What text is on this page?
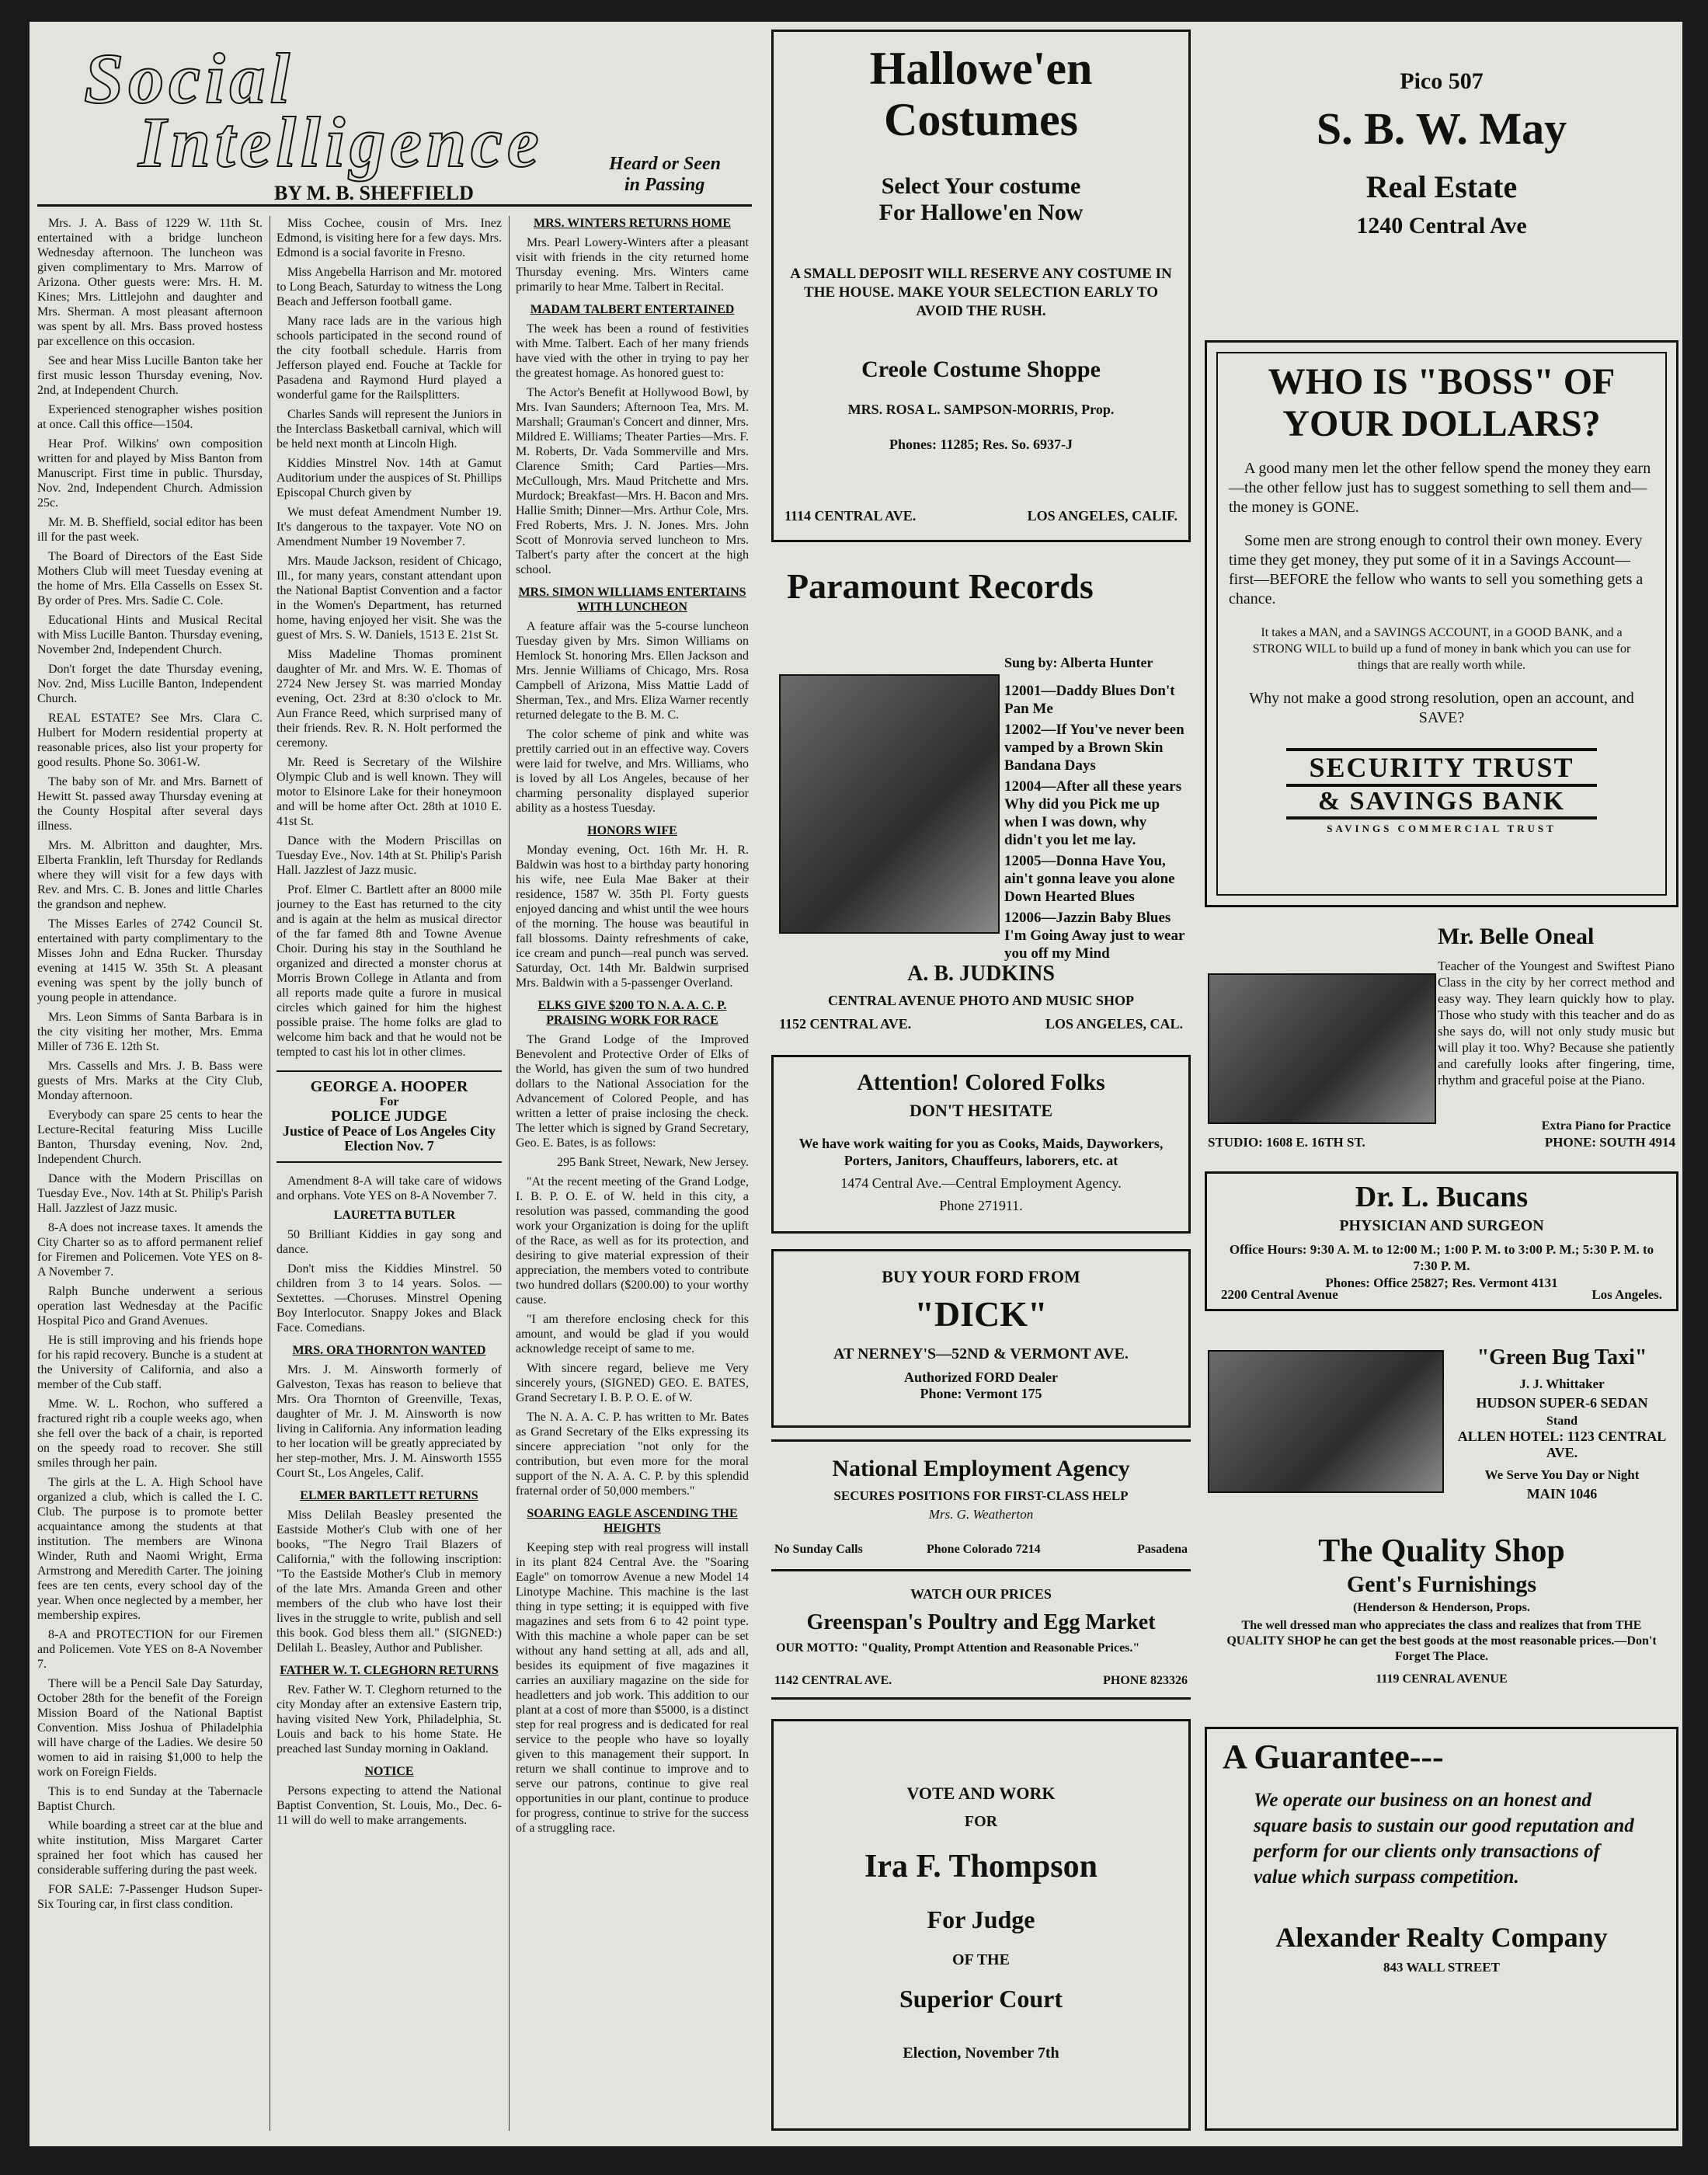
Social
Intelligence	Heard or Seen
in Passing
BY M. B. SHEFFIELD

Mrs. J. A. Bass of 1229 W. 11th St. entertained with a bridge luncheon Wednesday afternoon. The luncheon was given complimentary to Mrs. Marrow of Arizona. Other guests were: Mrs. H. M. Kines; Mrs. Littlejohn and daughter and Mrs. Sherman. A most pleasant afternoon was spent by all. Mrs. Bass proved hostess par excellence on this occasion.

See and hear Miss Lucille Banton take her first music lesson Thursday evening, Nov. 2nd, at Independent Church.

Experienced stenographer wishes position at once. Call this office—1504.

Hear Prof. Wilkins' own composition written for and played by Miss Banton from Manuscript. First time in public. Thursday, Nov. 2nd, Independent Church. Admission 25c.

Mr. M. B. Sheffield, social editor has been ill for the past week.

The Board of Directors of the East Side Mothers Club will meet Tuesday evening at the home of Mrs. Ella Cassells on Essex St. By order of Pres. Mrs. Sadie C. Cole.

Educational Hints and Musical Recital with Miss Lucille Banton. Thursday evening, November 2nd, Independent Church.

Don't forget the date Thursday evening, Nov. 2nd, Miss Lucille Banton, Independent Church.

REAL ESTATE? See Mrs. Clara C. Hulbert for Modern residential property at reasonable prices, also list your property for good results. Phone So. 3061-W.

The baby son of Mr. and Mrs. Barnett of Hewitt St. passed away Thursday evening at the County Hospital after several days illness.

Mrs. M. Albritton and daughter, Mrs. Elberta Franklin, left Thursday for Redlands where they will visit for a few days with Rev. and Mrs. C. B. Jones and little Charles the grandson and nephew.

The Misses Earles of 2742 Council St. entertained with party complimentary to the Misses John and Edna Rucker. Thursday evening at 1415 W. 35th St. A pleasant evening was spent by the jolly bunch of young people in attendance.

Mrs. Leon Simms of Santa Barbara is in the city visiting her mother, Mrs. Emma Miller of 736 E. 12th St.

Mrs. Cassells and Mrs. J. B. Bass were guests of Mrs. Marks at the City Club, Monday afternoon.

Everybody can spare 25 cents to hear the Lecture-Recital featuring Miss Lucille Banton, Thursday evening, Nov. 2nd, Independent Church.

Dance with the Modern Priscillas on Tuesday Eve., Nov. 14th at St. Philip's Parish Hall. Jazzlest of Jazz music.

8-A does not increase taxes. It amends the City Charter so as to afford permanent relief for Firemen and Policemen. Vote YES on 8-A November 7.

Ralph Bunche underwent a serious operation last Wednesday at the Pacific Hospital Pico and Grand Avenues.

He is still improving and his friends hope for his rapid recovery. Bunche is a student at the University of California, and also a member of the Cub staff.

Mme. W. L. Rochon, who suffered a fractured right rib a couple weeks ago, when she fell over the back of a chair, is reported on the speedy road to recover. She still smiles through her pain.

The girls at the L. A. High School have organized a club, which is called the I. C. Club. The purpose is to promote better acquaintance among the students at that institution. The members are Winona Winder, Ruth and Naomi Wright, Erma Armstrong and Meredith Carter. The joining fees are ten cents, every school day of the year. When once neglected by a member, her membership expires.

8-A and PROTECTION for our Firemen and Policemen. Vote YES on 8-A November 7.

There will be a Pencil Sale Day Saturday, October 28th for the benefit of the Foreign Mission Board of the National Baptist Convention. Miss Joshua of Philadelphia will have charge of the Ladies. We desire 50 women to aid in raising $1,000 to help the work on Foreign Fields.

This is to end Sunday at the Tabernacle Baptist Church.

While boarding a street car at the blue and white institution, Miss Margaret Carter sprained her foot which has caused her considerable suffering during the past week.

FOR SALE: 7-Passenger Hudson Super-Six Touring car, in first class condition.

Miss Cochee, cousin of Mrs. Inez Edmond, is visiting here for a few days. Mrs. Edmond is a social favorite in Fresno.

Miss Angebella Harrison and Mr. motored to Long Beach, Saturday to witness the Long Beach and Jefferson football game.

Many race lads are in the various high schools participated in the second round of the city football schedule. Harris from Jefferson played end. Fouche at Tackle for Pasadena and Raymond Hurd played a wonderful game for the Railsplitters.

Charles Sands will represent the Juniors in the Interclass Basketball carnival, which will be held next month at Lincoln High.

Kiddies Minstrel Nov. 14th at Gamut Auditorium under the auspices of St. Phillips Episcopal Church given by

We must defeat Amendment Number 19. It's dangerous to the taxpayer. Vote NO on Amendment Number 19 November 7.

Mrs. Maude Jackson, resident of Chicago, Ill., for many years, constant attendant upon the National Baptist Convention and a factor in the Women's Department, has returned home, having enjoyed her visit. She was the guest of Mrs. S. W. Daniels, 1513 E. 21st St.

Miss Madeline Thomas prominent daughter of Mr. and Mrs. W. E. Thomas of 2724 New Jersey St. was married Monday evening, Oct. 23rd at 8:30 o'clock to Mr. Aun France Reed, which surprised many of their friends. Rev. R. N. Holt performed the ceremony.

Mr. Reed is Secretary of the Wilshire Olympic Club and is well known. They will motor to Elsinore Lake for their honeymoon and will be home after Oct. 28th at 1010 E. 41st St.

Dance with the Modern Priscillas on Tuesday Eve., Nov. 14th at St. Philip's Parish Hall. Jazzlest of Jazz music.

Prof. Elmer C. Bartlett after an 8000 mile journey to the East has returned to the city and is again at the helm as musical director of the far famed 8th and Towne Avenue Choir. During his stay in the Southland he organized and directed a monster chorus at Morris Brown College in Atlanta and from all reports made quite a furore in musical circles which gained for him the highest possible praise. The home folks are glad to welcome him back and that he would not be tempted to cast his lot in other climes.

GEORGE A. HOOPER
For
POLICE JUDGE
Justice of Peace of Los Angeles City
Election Nov. 7

Amendment 8-A will take care of widows and orphans. Vote YES on 8-A November 7.

LAURETTA BUTLER

50 Brilliant Kiddies in gay song and dance.

Don't miss the Kiddies Minstrel. 50 children from 3 to 14 years. Solos. —Sextettes. —Choruses. Minstrel Opening Boy Interlocutor. Snappy Jokes and Black Face. Comedians.

MRS. ORA THORNTON WANTED

Mrs. J. M. Ainsworth formerly of Galveston, Texas has reason to believe that Mrs. Ora Thornton of Greenville, Texas, daughter of Mr. J. M. Ainsworth is now living in California. Any information leading to her location will be greatly appreciated by her step-mother, Mrs. J. M. Ainsworth 1555 Court St., Los Angeles, Calif.

ELMER BARTLETT RETURNS

Miss Delilah Beasley presented the Eastside Mother's Club with one of her books, "The Negro Trail Blazers of California," with the following inscription: "To the Eastside Mother's Club in memory of the late Mrs. Amanda Green and other members of the club who have lost their lives in the struggle to write, publish and sell this book. God bless them all." (SIGNED:) Delilah L. Beasley, Author and Publisher.

FATHER W. T. CLEGHORN RETURNS

Rev. Father W. T. Cleghorn returned to the city Monday after an extensive Eastern trip, having visited New York, Philadelphia, St. Louis and back to his home State. He preached last Sunday morning in Oakland.

NOTICE

Persons expecting to attend the National Baptist Convention, St. Louis, Mo., Dec. 6-11 will do well to make arrangements.

MRS. WINTERS RETURNS HOME

Mrs. Pearl Lowery-Winters after a pleasant visit with friends in the city returned home Thursday evening. Mrs. Winters came primarily to hear Mme. Talbert in Recital.

MADAM TALBERT ENTERTAINED

The week has been a round of festivities with Mme. Talbert. Each of her many friends have vied with the other in trying to pay her the greatest homage. As honored guest to:

The Actor's Benefit at Hollywood Bowl, by Mrs. Ivan Saunders; Afternoon Tea, Mrs. M. Marshall; Grauman's Concert and dinner, Mrs. Mildred E. Williams; Theater Parties—Mrs. F. M. Roberts, Dr. Vada Sommerville and Mrs. Clarence Smith; Card Parties—Mrs. McCullough, Mrs. Maud Pritchette and Mrs. Murdock; Breakfast—Mrs. H. Bacon and Mrs. Hallie Smith; Dinner—Mrs. Arthur Cole, Mrs. Fred Roberts, Mrs. J. N. Jones. Mrs. John Scott of Monrovia served luncheon to Mrs. Talbert's party after the concert at the high school.

MRS. SIMON WILLIAMS ENTERTAINS WITH LUNCHEON

A feature affair was the 5-course luncheon Tuesday given by Mrs. Simon Williams on Hemlock St. honoring Mrs. Ellen Jackson and Mrs. Jennie Williams of Chicago, Mrs. Rosa Campbell of Arizona, Miss Mattie Ladd of Sherman, Tex., and Mrs. Eliza Warner recently returned delegate to the B. M. C.

The color scheme of pink and white was prettily carried out in an effective way. Covers were laid for twelve, and Mrs. Williams, who is loved by all Los Angeles, because of her charming personality displayed superior ability as a hostess Tuesday.

HONORS WIFE

Monday evening, Oct. 16th Mr. H. R. Baldwin was host to a birthday party honoring his wife, nee Eula Mae Baker at their residence, 1587 W. 35th Pl. Forty guests enjoyed dancing and whist until the wee hours of the morning. The house was beautiful in fall blossoms. Dainty refreshments of cake, ice cream and punch—real punch was served. Saturday, Oct. 14th Mr. Baldwin surprised Mrs. Baldwin with a 5-passenger Overland.

ELKS GIVE $200 TO N. A. A. C. P. PRAISING WORK FOR RACE

The Grand Lodge of the Improved Benevolent and Protective Order of Elks of the World, has given the sum of two hundred dollars to the National Association for the Advancement of Colored People, and has written a letter of praise inclosing the check. The letter which is signed by Grand Secretary, Geo. E. Bates, is as follows:

295 Bank Street, Newark, New Jersey.

"At the recent meeting of the Grand Lodge, I. B. P. O. E. of W. held in this city, a resolution was passed, commanding the good work your Organization is doing for the uplift of the Race, as well as for its protection, and desiring to give material expression of their appreciation, the members voted to contribute two hundred dollars ($200.00) to your worthy cause.

"I am therefore enclosing check for this amount, and would be glad if you would acknowledge receipt of same to me.

With sincere regard, believe me Very sincerely yours, (SIGNED) GEO. E. BATES, Grand Secretary I. B. P. O. E. of W.

The N. A. A. C. P. has written to Mr. Bates as Grand Secretary of the Elks expressing its sincere appreciation "not only for the contribution, but even more for the moral support of the N. A. A. C. P. by this splendid fraternal order of 50,000 members."

SOARING EAGLE ASCENDING THE HEIGHTS

Keeping step with real progress will install in its plant 824 Central Ave. the "Soaring Eagle" on tomorrow Avenue a new Model 14 Linotype Machine. This machine is the last thing in type setting; it is equipped with five magazines and sets from 6 to 42 point type. With this machine a whole paper can be set without any hand setting at all, ads and all, besides its equipment of five magazines it carries an auxiliary magazine on the side for headletters and job work. This addition to our plant at a cost of more than $5000, is a distinct step for real progress and is dedicated for real service to the people who have so loyally given to this management their support. In return we shall continue to improve and to serve our patrons, continue to give real opportunities in our plant, continue to produce for progress, continue to strive for the success of a struggling race.

Hallowe'en
Costumes
Select Your costume
For Hallowe'en Now
A SMALL DEPOSIT WILL RESERVE ANY COSTUME IN THE HOUSE. MAKE YOUR SELECTION EARLY TO AVOID THE RUSH.
Creole Costume Shoppe
MRS. ROSA L. SAMPSON-MORRIS, Prop.
Phones: 11285; Res. So. 6937-J
1114 CENTRAL AVE.	LOS ANGELES, CALIF.
Paramount Records
Sung by: Alberta Hunter
12001—Daddy Blues Don't Pan Me
12002—If You've never been vamped by a Brown Skin Bandana Days
12004—After all these years Why did you Pick me up when I was down, why didn't you let me lay.
12005—Donna Have You, ain't gonna leave you alone Down Hearted Blues
12006—Jazzin Baby Blues I'm Going Away just to wear you off my Mind
A. B. JUDKINS
CENTRAL AVENUE PHOTO AND MUSIC SHOP
1152 CENTRAL AVE.	LOS ANGELES, CAL.
Attention! Colored Folks
DON'T HESITATE
We have work waiting for you as Cooks, Maids, Dayworkers, Porters, Janitors, Chauffeurs, laborers, etc. at
1474 Central Ave.—Central Employment Agency.
Phone 271911.
BUY YOUR FORD FROM
"DICK"
AT NERNEY'S—52ND & VERMONT AVE.
Authorized FORD Dealer
Phone: Vermont 175
National Employment Agency
SECURES POSITIONS FOR FIRST-CLASS HELP
Mrs. G. Weatherton
No Sunday Calls	Phone Colorado 7214	Pasadena
WATCH OUR PRICES
Greenspan's Poultry and Egg Market
OUR MOTTO: "Quality, Prompt Attention and Reasonable Prices."
1142 CENTRAL AVE.	PHONE 823326
VOTE AND WORK
FOR
Ira F. Thompson
For Judge
OF THE
Superior Court
Election, November 7th
Pico 507
S. B. W. May
Real Estate
1240 Central Ave
WHO IS "BOSS" OF
YOUR DOLLARS?
A good many men let the other fellow spend the money they earn—the other fellow just has to suggest something to sell them and—the money is GONE.
Some men are strong enough to control their own money. Every time they get money, they put some of it in a Savings Account—first—BEFORE the fellow who wants to sell you something gets a chance.
It takes a MAN, and a SAVINGS ACCOUNT, in a GOOD BANK, and a STRONG WILL to build up a fund of money in bank which you can use for things that are really worth while.
Why not make a good strong resolution, open an account, and SAVE?
SECURITY TRUST
& SAVINGS BANK
SAVINGS COMMERCIAL TRUST
Mr. Belle Oneal
Teacher of the Youngest and Swiftest Piano Class in the city by her correct method and easy way. They learn quickly how to play. Those who study with this teacher and do as she says do, will not only study music but will play it too. Why? Because she patiently and carefully looks after fingering, time, rhythm and graceful poise at the Piano.
Extra Piano for Practice
STUDIO: 1608 E. 16TH ST.	PHONE: SOUTH 4914
Dr. L. Bucans
PHYSICIAN AND SURGEON
Office Hours: 9:30 A. M. to 12:00 M.; 1:00 P. M. to 3:00 P. M.; 5:30 P. M. to 7:30 P. M.
Phones: Office 25827; Res. Vermont 4131
2200 Central Avenue	Los Angeles.
"Green Bug Taxi"
J. J. Whittaker
HUDSON SUPER-6 SEDAN
Stand
ALLEN HOTEL: 1123 CENTRAL AVE.
We Serve You Day or Night
MAIN 1046
The Quality Shop
Gent's Furnishings
(Henderson & Henderson, Props.
The well dressed man who appreciates the class and realizes that from THE QUALITY SHOP he can get the best goods at the most reasonable prices.—Don't Forget The Place.
1119 CENRAL AVENUE
A Guarantee---
We operate our business on an honest and square basis to sustain our good reputation and perform for our clients only transactions of value which surpass competition.
Alexander Realty Company
843 WALL STREET
